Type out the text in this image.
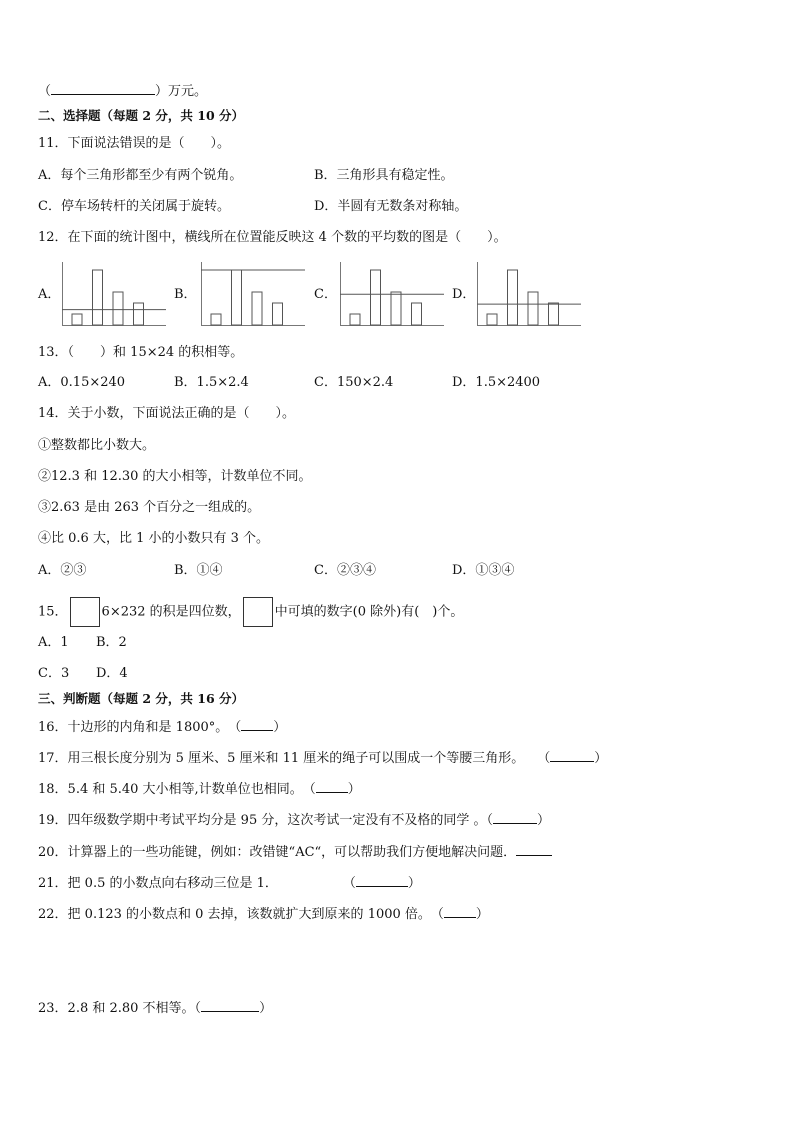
（	）万元。
二、选择题（每题 2 分，共 10 分）
11．下面说法错误的是（　　）。
A．每个三角形都至少有两个锐角。	B．三角形具有稳定性。
C．停车场转杆的关闭属于旋转。	D．半圆有无数条对称轴。
12．在下面的统计图中，横线所在位置能反映这 4 个数的平均数的图是（　　）。
A．	B．	C．	D．
13．（　　）和 15×24 的积相等。
A．0.15×240	B．1.5×2.4	C．150×2.4	D．1.5×2400
14．关于小数，下面说法正确的是（　　）。
①整数都比小数大。
②12.3 和 12.30 的大小相等，计数单位不同。
③2.63 是由 263 个百分之一组成的。
④比 0.6 大，比 1 小的小数只有 3 个。
A．②③	B．①④	C．②③④	D．①③④
15．	6×232 的积是四位数，	中可填的数字(0 除外)有(　)个。
A．1 B．2
C．3 D．4
三、判断题（每题 2 分，共 16 分）
16．十边形的内角和是 1800°。　（ ）
17．用三根长度分别为 5 厘米、5 厘米和 11 厘米的绳子可以围成一个等腰三角形。　　（	）
18．5.4 和 5.40 大小相等,计数单位也相同。　（ ）
19．四年级数学期中考试平均分是 95 分，这次考试一定没有不及格的同学 。（	）
20．计算器上的一些功能键，例如：改错键“AC“，可以帮助我们方便地解决问题．
21．把 0.5 的小数点向右移动三位是 1．　　　　　　（	）
22．把 0.123 的小数点和 0 去掉，该数就扩大到原来的 1000 倍。　（ ）
23．2.8 和 2.80 不相等。（	）
